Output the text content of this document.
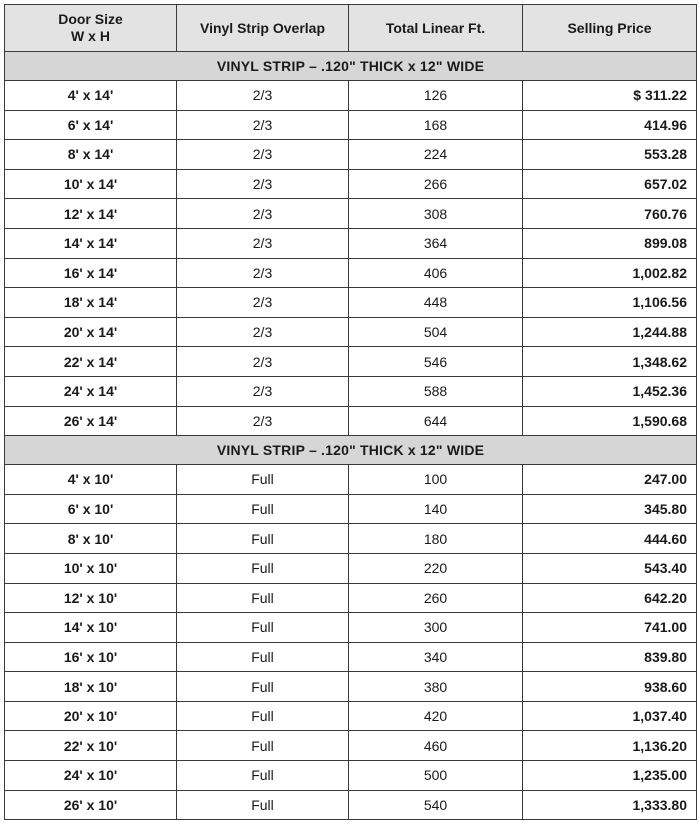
Door Size
W x H	Vinyl Strip Overlap	Total Linear Ft.	Selling Price
VINYL STRIP – .120" THICK x 12" WIDE			
4' x 14'	2/3	126	$ 311.22
6' x 14'	2/3	168	414.96
8' x 14'	2/3	224	553.28
10' x 14'	2/3	266	657.02
12' x 14'	2/3	308	760.76
14' x 14'	2/3	364	899.08
16' x 14'	2/3	406	1,002.82
18' x 14'	2/3	448	1,106.56
20' x 14'	2/3	504	1,244.88
22' x 14'	2/3	546	1,348.62
24' x 14'	2/3	588	1,452.36
26' x 14'	2/3	644	1,590.68
VINYL STRIP – .120" THICK x 12" WIDE			
4' x 10'	Full	100	247.00
6' x 10'	Full	140	345.80
8' x 10'	Full	180	444.60
10' x 10'	Full	220	543.40
12' x 10'	Full	260	642.20
14' x 10'	Full	300	741.00
16' x 10'	Full	340	839.80
18' x 10'	Full	380	938.60
20' x 10'	Full	420	1,037.40
22' x 10'	Full	460	1,136.20
24' x 10'	Full	500	1,235.00
26' x 10'	Full	540	1,333.80
